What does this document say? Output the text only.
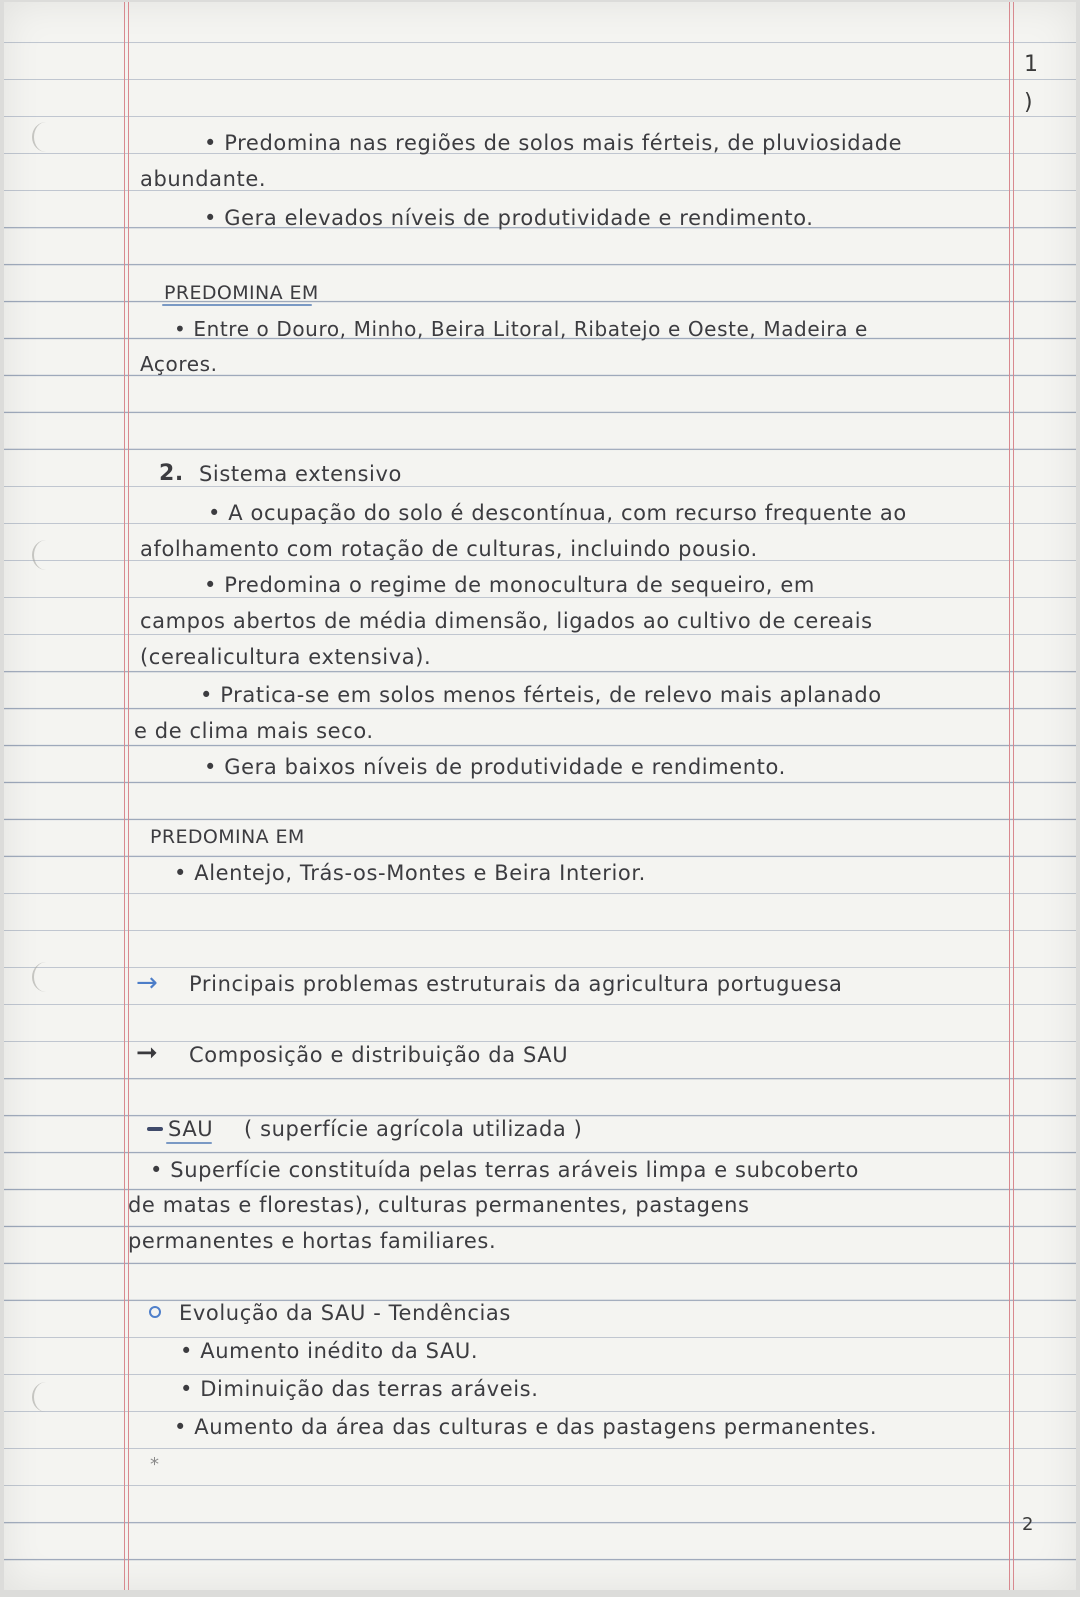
1
)
• Predomina nas regiões de solos mais férteis, de pluviosidade
abundante.
• Gera elevados níveis de produtividade e rendimento.
PREDOMINA EM
• Entre o Douro, Minho, Beira Litoral, Ribatejo e Oeste, Madeira e
Açores.
2. Sistema extensivo
• A ocupação do solo é descontínua, com recurso frequente ao
afolhamento com rotação de culturas, incluindo pousio.
• Predomina o regime de monocultura de sequeiro, em
campos abertos de média dimensão, ligados ao cultivo de cereais
(cerealicultura extensiva).
• Pratica-se em solos menos férteis, de relevo mais aplanado
e de clima mais seco.
• Gera baixos níveis de produtividade e rendimento.
PREDOMINA EM
• Alentejo, Trás-os-Montes e Beira Interior.
→ Principais problemas estruturais da agricultura portuguesa
➞ Composição e distribuição da SAU
SAU ( superfície agrícola utilizada )
• Superfície constituída pelas terras aráveis limpa e subcoberto
de matas e florestas), culturas permanentes, pastagens
permanentes e hortas familiares.
Evolução da SAU - Tendências
• Aumento inédito da SAU.
• Diminuição das terras aráveis.
• Aumento da área das culturas e das pastagens permanentes.
*
2
